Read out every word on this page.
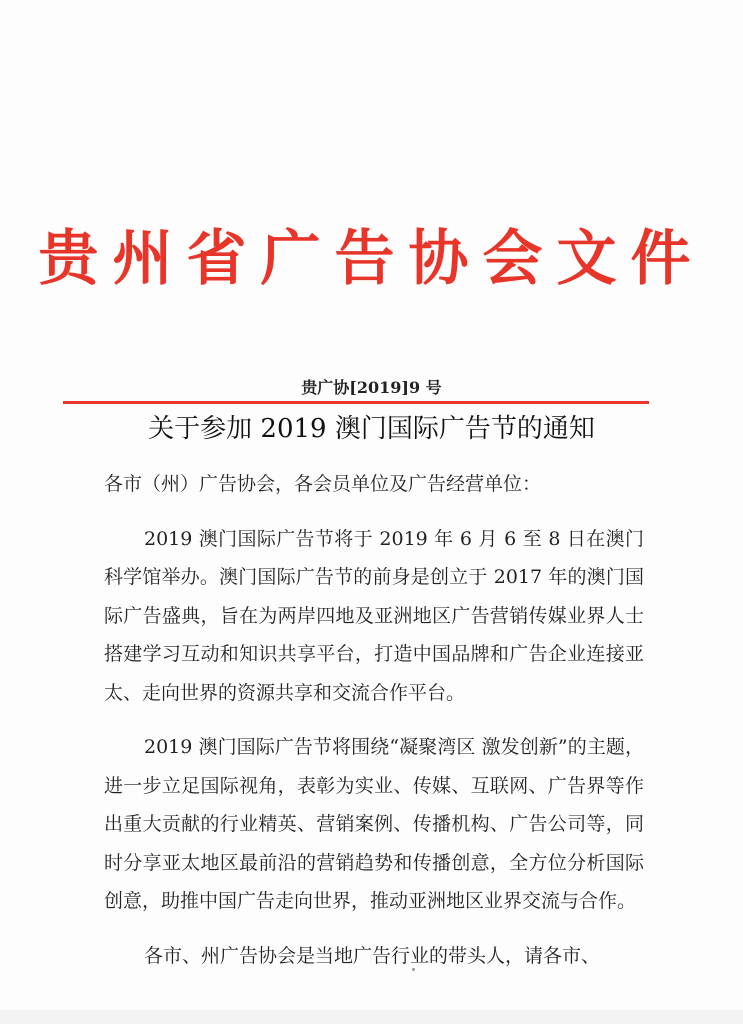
贵州省广告协会文件
贵广协[2019]9 号
关于参加 2019 澳门国际广告节的通知

各市（州）广告协会，各会员单位及广告经营单位：

2019 澳门国际广告节将于 2019 年 6 月 6 至 8 日在澳门科学馆举办。澳门国际广告节的前身是创立于 2017 年的澳门国际广告盛典，旨在为两岸四地及亚洲地区广告营销传媒业界人士搭建学习互动和知识共享平台，打造中国品牌和广告企业连接亚太、走向世界的资源共享和交流合作平台。

2019 澳门国际广告节将围绕“凝聚湾区 激发创新”的主题，进一步立足国际视角，表彰为实业、传媒、互联网、广告界等作出重大贡献的行业精英、营销案例、传播机构、广告公司等，同时分享亚太地区最前沿的营销趋势和传播创意，全方位分析国际创意，助推中国广告走向世界，推动亚洲地区业界交流与合作。

各市、州广告协会是当地广告行业的带头人，请各市、
